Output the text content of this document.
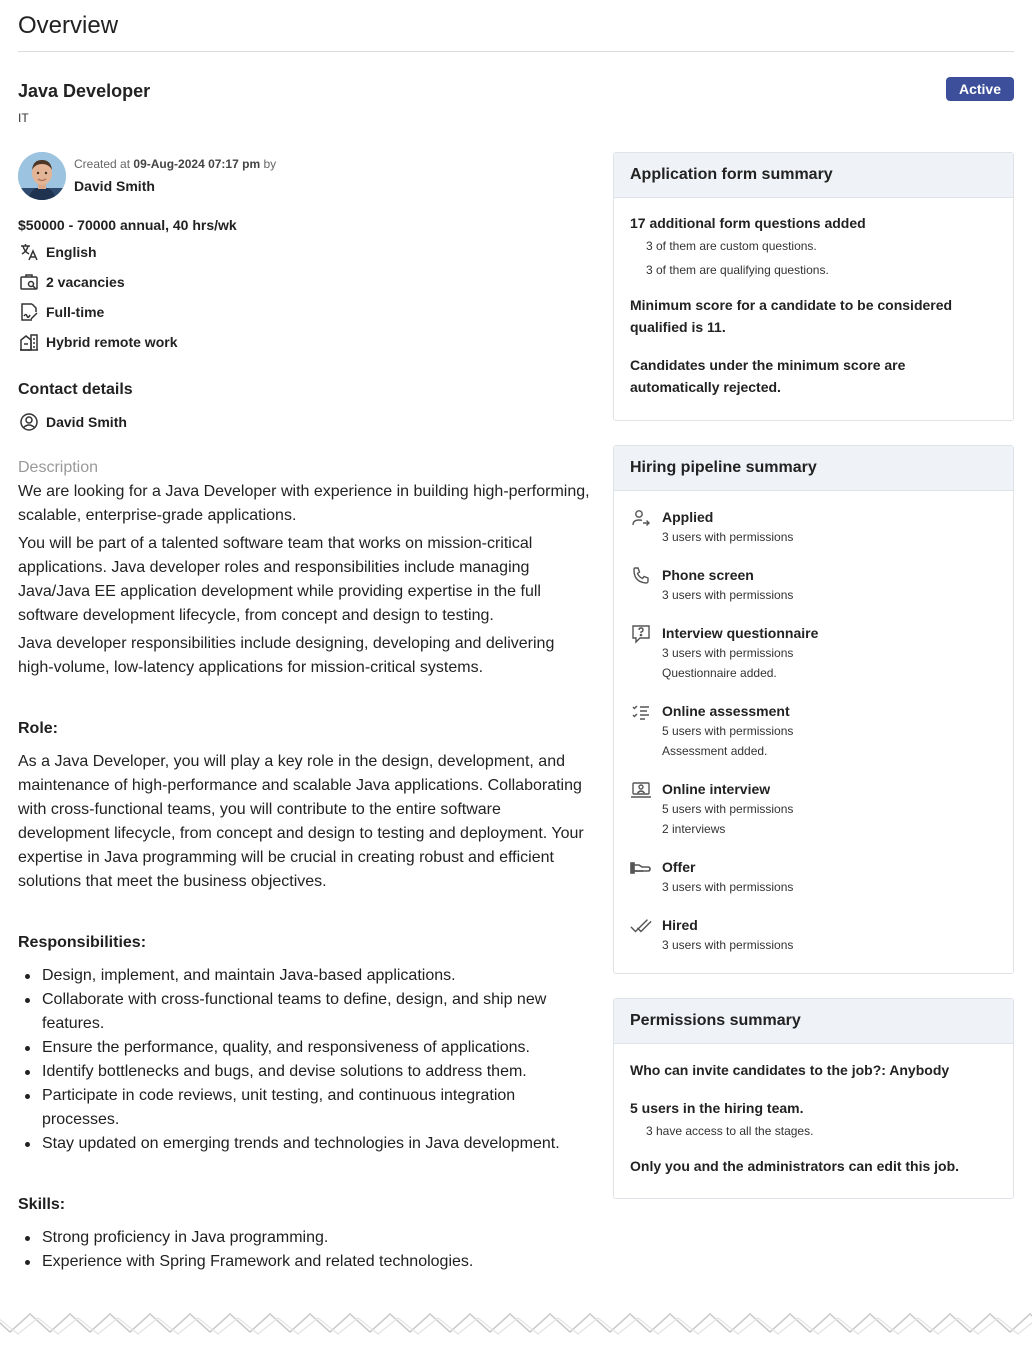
Overview
Java Developer
IT
Active
Created at 09-Aug-2024 07:17 pm by
David Smith
$50000 - 70000 annual, 40 hrs/wk
English
2 vacancies
Full-time
Hybrid remote work
Contact details
David Smith
Description

We are looking for a Java Developer with experience in building high-performing, scalable, enterprise-grade applications.

You will be part of a talented software team that works on mission-critical applications. Java developer roles and responsibilities include managing Java/Java EE application development while providing expertise in the full software development lifecycle, from concept and design to testing.

Java developer responsibilities include designing, developing and delivering high-volume, low-latency applications for mission-critical systems.

Role:

As a Java Developer, you will play a key role in the design, development, and maintenance of high-performance and scalable Java applications. Collaborating with cross-functional teams, you will contribute to the entire software development lifecycle, from concept and design to testing and deployment. Your expertise in Java programming will be crucial in creating robust and efficient solutions that meet the business objectives.

Responsibilities:
Design, implement, and maintain Java-based applications.
Collaborate with cross-functional teams to define, design, and ship new features.
Ensure the performance, quality, and responsiveness of applications.
Identify bottlenecks and bugs, and devise solutions to address them.
Participate in code reviews, unit testing, and continuous integration processes.
Stay updated on emerging trends and technologies in Java development.
Skills:
Strong proficiency in Java programming.
Experience with Spring Framework and related technologies.
Application form summary
17 additional form questions added
3 of them are custom questions.
3 of them are qualifying questions.
Minimum score for a candidate to be considered qualified is 11.
Candidates under the minimum score are automatically rejected.
Hiring pipeline summary
Applied
3 users with permissions
Phone screen
3 users with permissions
Interview questionnaire
3 users with permissions
Questionnaire added.
Online assessment
5 users with permissions
Assessment added.
Online interview
5 users with permissions
2 interviews
Offer
3 users with permissions
Hired
3 users with permissions
Permissions summary
Who can invite candidates to the job?: Anybody
5 users in the hiring team.
3 have access to all the stages.
Only you and the administrators can edit this job.
